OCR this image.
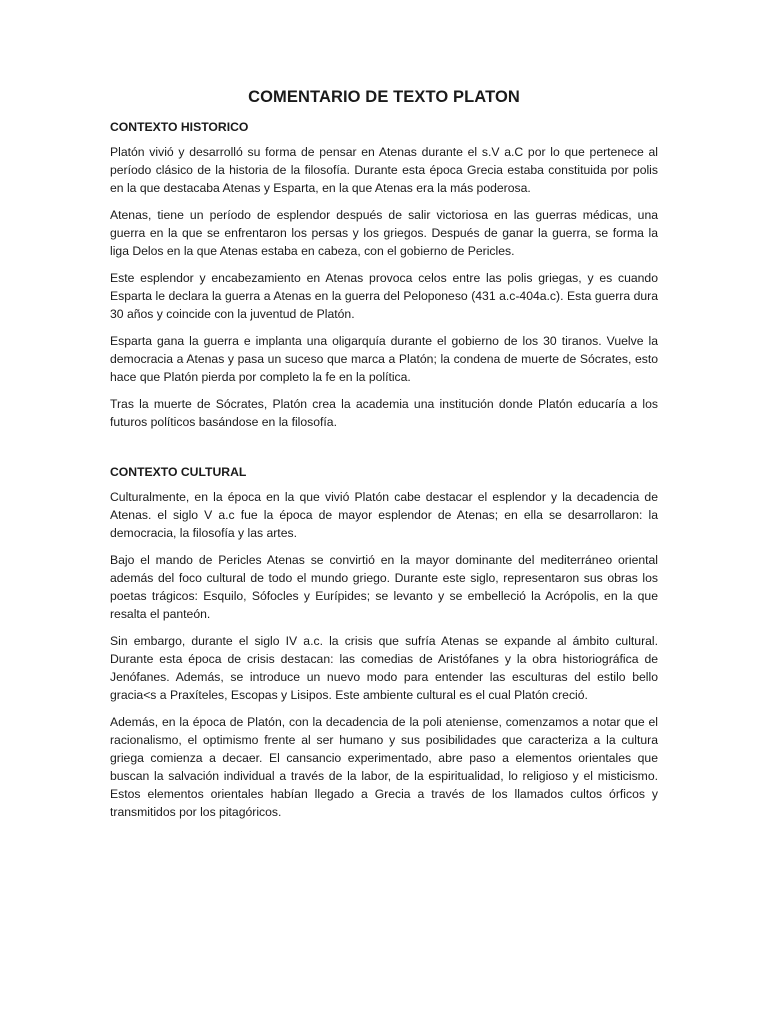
COMENTARIO DE TEXTO PLATON
CONTEXTO HISTORICO

Platón vivió y desarrolló su forma de pensar en Atenas durante el s.V a.C por lo que pertenece al período clásico de la historia de la filosofía. Durante esta época Grecia estaba constituida por polis en la que destacaba Atenas y Esparta, en la que Atenas era la más poderosa.

Atenas, tiene un período de esplendor después de salir victoriosa en las guerras médicas, una guerra en la que se enfrentaron los persas y los griegos. Después de ganar la guerra, se forma la liga Delos en la que Atenas estaba en cabeza, con el gobierno de Pericles.

Este esplendor y encabezamiento en Atenas provoca celos entre las polis griegas, y es cuando Esparta le declara la guerra a Atenas en la guerra del Peloponeso (431 a.c-404a.c). Esta guerra dura 30 años y coincide con la juventud de Platón.

Esparta gana la guerra e implanta una oligarquía durante el gobierno de los 30 tiranos. Vuelve la democracia a Atenas y pasa un suceso que marca a Platón; la condena de muerte de Sócrates, esto hace que Platón pierda por completo la fe en la política.

Tras la muerte de Sócrates, Platón crea la academia una institución donde Platón educaría a los futuros políticos basándose en la filosofía.

CONTEXTO CULTURAL

Culturalmente, en la época en la que vivió Platón cabe destacar el esplendor y la decadencia de Atenas. el siglo V a.c fue la época de mayor esplendor de Atenas; en ella se desarrollaron: la democracia, la filosofía y las artes.

Bajo el mando de Pericles Atenas se convirtió en la mayor dominante del mediterráneo oriental además del foco cultural de todo el mundo griego. Durante este siglo, representaron sus obras los poetas trágicos: Esquilo, Sófocles y Eurípides; se levanto y se embelleció la Acrópolis, en la que resalta el panteón.

Sin embargo, durante el siglo IV a.c. la crisis que sufría Atenas se expande al ámbito cultural. Durante esta época de crisis destacan: las comedias de Aristófanes y la obra historiográfica de Jenófanes. Además, se introduce un nuevo modo para entender las esculturas del estilo bello gracia<s a Praxíteles, Escopas y Lisipos. Este ambiente cultural es el cual Platón creció.

Además, en la época de Platón, con la decadencia de la poli ateniense, comenzamos a notar que el racionalismo, el optimismo frente al ser humano y sus posibilidades que caracteriza a la cultura griega comienza a decaer. El cansancio experimentado, abre paso a elementos orientales que buscan la salvación individual a través de la labor, de la espiritualidad, lo religioso y el misticismo. Estos elementos orientales habían llegado a Grecia a través de los llamados cultos órficos y transmitidos por los pitagóricos.
